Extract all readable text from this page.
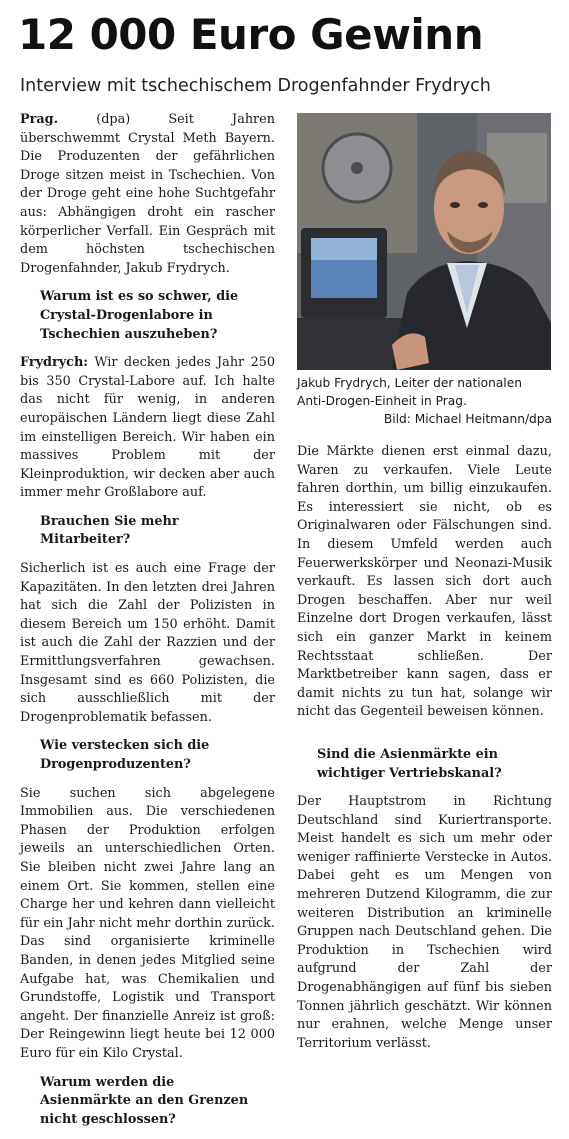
12 000 Euro Gewinn
Interview mit tschechischem Drogenfahnder Frydrych

Prag. (dpa) Seit Jahren überschwemmt Crystal Meth Bayern. Die Produzenten der gefährlichen Droge sitzen meist in Tschechien. Von der Droge geht eine hohe Suchtgefahr aus: Abhängigen droht ein rascher körperlicher Verfall. Ein Gespräch mit dem höchsten tschechischen Drogenfahnder, Jakub Frydrych.

Warum ist es so schwer, die Crystal-Drogenlabore in Tschechien auszuheben?

Frydrych: Wir decken jedes Jahr 250 bis 350 Crystal-Labore auf. Ich halte das nicht für wenig, in anderen europäischen Ländern liegt diese Zahl im einstelligen Bereich. Wir haben ein massives Problem mit der Kleinproduktion, wir decken aber auch immer mehr Großlabore auf.

Brauchen Sie mehr Mitarbeiter?

Sicherlich ist es auch eine Frage der Kapazitäten. In den letzten drei Jahren hat sich die Zahl der Polizisten in diesem Bereich um 150 erhöht. Damit ist auch die Zahl der Razzien und der Ermittlungsverfahren gewachsen. Insgesamt sind es 660 Polizisten, die sich ausschließlich mit der Drogenproblematik befassen.

Wie verstecken sich die Drogenproduzenten?

Sie suchen sich abgelegene Immobilien aus. Die verschiedenen Phasen der Produktion erfolgen jeweils an unterschiedlichen Orten. Sie bleiben nicht zwei Jahre lang an einem Ort. Sie kommen, stellen eine Charge her und kehren dann vielleicht für ein Jahr nicht mehr dorthin zurück. Das sind organisierte kriminelle Banden, in denen jedes Mitglied seine Aufgabe hat, was Chemikalien und Grundstoffe, Logistik und Transport angeht. Der finanzielle Anreiz ist groß: Der Reingewinn liegt heute bei 12 000 Euro für ein Kilo Crystal.

Warum werden die Asienmärkte an den Grenzen nicht geschlossen?

Jakub Frydrych, Leiter der nationalen Anti-Drogen-Einheit in Prag.
Bild: Michael Heitmann/dpa

Die Märkte dienen erst einmal dazu, Waren zu verkaufen. Viele Leute fahren dorthin, um billig einzukaufen. Es interessiert sie nicht, ob es Originalwaren oder Fälschungen sind. In diesem Umfeld werden auch Feuerwerkskörper und Neonazi-Musik verkauft. Es lassen sich dort auch Drogen beschaffen. Aber nur weil Einzelne dort Drogen verkaufen, lässt sich ein ganzer Markt in keinem Rechtsstaat schließen. Der Marktbetreiber kann sagen, dass er damit nichts zu tun hat, solange wir nicht das Gegenteil beweisen können.

Sind die Asienmärkte ein wichtiger Vertriebskanal?

Der Hauptstrom in Richtung Deutschland sind Kuriertransporte. Meist handelt es sich um mehr oder weniger raffinierte Verstecke in Autos. Dabei geht es um Mengen von mehreren Dutzend Kilogramm, die zur weiteren Distribution an kriminelle Gruppen nach Deutschland gehen. Die Produktion in Tschechien wird aufgrund der Zahl der Drogenabhängigen auf fünf bis sieben Tonnen jährlich geschätzt. Wir können nur erahnen, welche Menge unser Territorium verlässt.
